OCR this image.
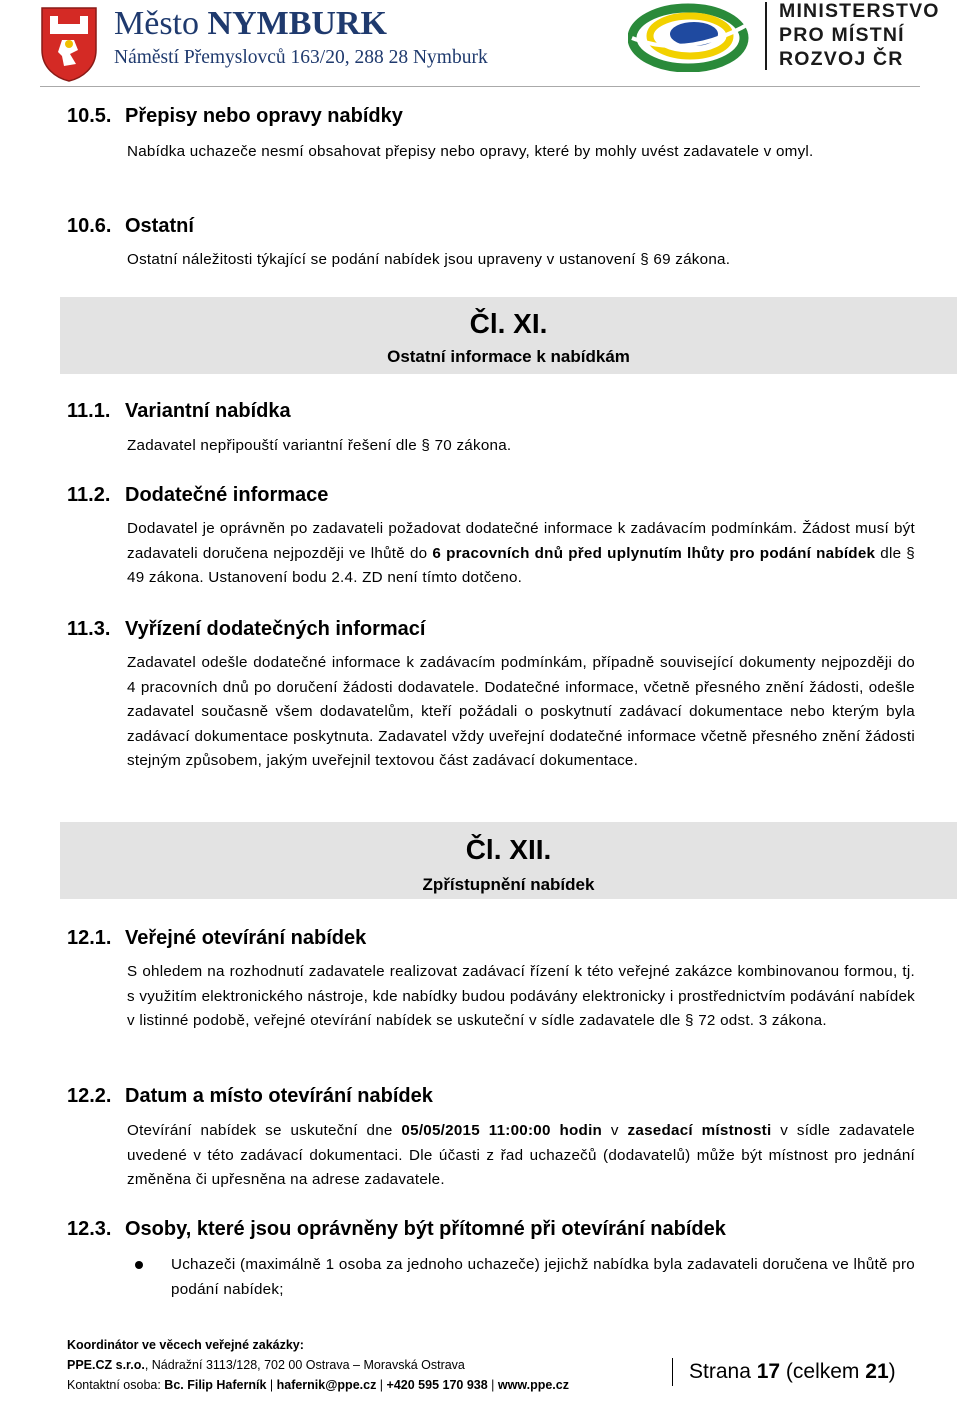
Město NYMBURK
Náměstí Přemyslovců 163/20, 288 28 Nymburk
MINISTERSTVO
PRO MÍSTNÍ
ROZVOJ ČR
10.5. Přepisy nebo opravy nabídky
Nabídka uchazeče nesmí obsahovat přepisy nebo opravy, které by mohly uvést zadavatele v omyl.
10.6. Ostatní
Ostatní náležitosti týkající se podání nabídek jsou upraveny v ustanovení § 69 zákona.
Čl. XI.
Ostatní informace k nabídkám
11.1. Variantní nabídka
Zadavatel nepřipouští variantní řešení dle § 70 zákona.
11.2. Dodatečné informace
Dodavatel je oprávněn po zadavateli požadovat dodatečné informace k zadávacím podmínkám. Žádost musí být zadavateli doručena nejpozději ve lhůtě do 6 pracovních dnů před uplynutím lhůty pro podání nabídek dle § 49 zákona. Ustanovení bodu 2.4. ZD není tímto dotčeno.
11.3. Vyřízení dodatečných informací
Zadavatel odešle dodatečné informace k zadávacím podmínkám, případně související dokumenty nejpozději do 4 pracovních dnů po doručení žádosti dodavatele. Dodatečné informace, včetně přesného znění žádosti, odešle zadavatel současně všem dodavatelům, kteří požádali o poskytnutí zadávací dokumentace nebo kterým byla zadávací dokumentace poskytnuta. Zadavatel vždy uveřejní dodatečné informace včetně přesného znění žádosti stejným způsobem, jakým uveřejnil textovou část zadávací dokumentace.
Čl. XII.
Zpřístupnění nabídek
12.1. Veřejné otevírání nabídek
S ohledem na rozhodnutí zadavatele realizovat zadávací řízení k této veřejné zakázce kombinovanou formou, tj. s využitím elektronického nástroje, kde nabídky budou podávány elektronicky i prostřednictvím podávání nabídek v listinné podobě, veřejné otevírání nabídek se uskuteční v sídle zadavatele dle § 72 odst. 3 zákona.
12.2. Datum a místo otevírání nabídek
Otevírání nabídek se uskuteční dne 05/05/2015 11:00:00 hodin v zasedací místnosti v sídle zadavatele uvedené v této zadávací dokumentaci. Dle účasti z řad uchazečů (dodavatelů) může být místnost pro jednání změněna či upřesněna na adrese zadavatele.
12.3. Osoby, které jsou oprávněny být přítomné při otevírání nabídek
Uchazeči (maximálně 1 osoba za jednoho uchazeče) jejichž nabídka byla zadavateli doručena ve lhůtě pro podání nabídek;
Koordinátor ve věcech veřejné zakázky:
PPE.CZ s.r.o., Nádražní 3113/128, 702 00 Ostrava – Moravská Ostrava
Kontaktní osoba: Bc. Filip Haferník | hafernik@ppe.cz | +420 595 170 938 | www.ppe.cz
Strana 17 (celkem 21)
